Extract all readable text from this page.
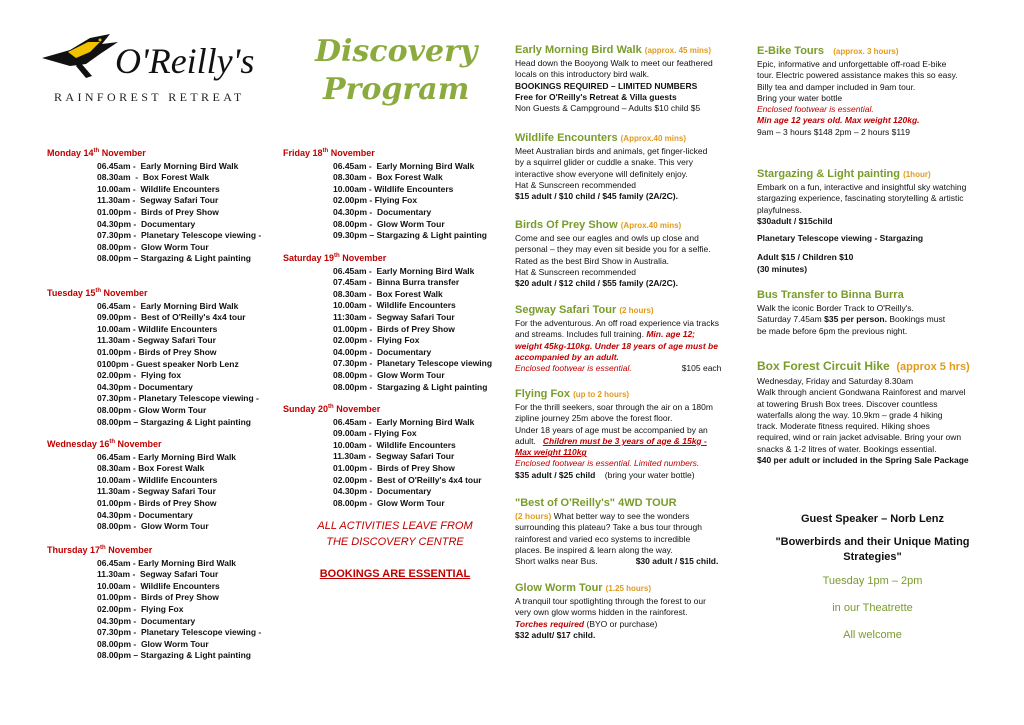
O'Reilly's
RAINFOREST RETREAT
Discovery
Program
Monday 14th November
06.45am -  Early Morning Bird Walk
08.30am  -  Box Forest Walk
10.00am -  Wildlife Encounters
11.30am -  Segway Safari Tour
01.00pm -  Birds of Prey Show
04.30pm -  Documentary
07.30pm -  Planetary Telescope viewing -
08.00pm -  Glow Worm Tour
08.00pm – Stargazing & Light painting
Tuesday 15th November
06.45am -  Early Morning Bird Walk
09.00pm -  Best of O'Reilly's 4x4 tour
10.00am - Wildlife Encounters
11.30am - Segway Safari Tour
01.00pm - Birds of Prey Show
0100pm - Guest speaker Norb Lenz
02.00pm -  Flying fox
04.30pm - Documentary
07.30pm - Planetary Telescope viewing -
08.00pm - Glow Worm Tour
08.00pm – Stargazing & Light painting
Wednesday 16th November
06.45am - Early Morning Bird Walk
08.30am - Box Forest Walk
10.00am - Wildlife Encounters
11.30am - Segway Safari Tour
01.00pm - Birds of Prey Show
04.30pm - Documentary
08.00pm -  Glow Worm Tour
Thursday 17th November
06.45am - Early Morning Bird Walk
11.30am -  Segway Safari Tour
10.00am -  Wildlife Encounters
01.00pm -  Birds of Prey Show
02.00pm -  Flying Fox
04.30pm -  Documentary
07.30pm -  Planetary Telescope viewing -
08.00pm -  Glow Worm Tour
08.00pm – Stargazing & Light painting
Friday 18th November
06.45am -  Early Morning Bird Walk
08.30am -  Box Forest Walk
10.00am - Wildlife Encounters
02.00pm - Flying Fox
04.30pm -  Documentary
08.00pm -  Glow Worm Tour
09.30pm – Stargazing & Light painting
Saturday 19th November
06.45am -  Early Morning Bird Walk
07.45am -  Binna Burra transfer
08.30am -  Box Forest Walk
10.00am -  Wildlife Encounters
11:30am -  Segway Safari Tour
01.00pm -  Birds of Prey Show
02.00pm -  Flying Fox
04.00pm -  Documentary
07.30pm -  Planetary Telescope viewing
08.00pm -  Glow Worm Tour
08.00pm -  Stargazing & Light painting
Sunday 20th November
06.45am -  Early Morning Bird Walk
09.00am - Flying Fox
10.00am -  Wildlife Encounters
11.30am -  Segway Safari Tour
01.00pm -  Birds of Prey Show
02.00pm -  Best of O'Reilly's 4x4 tour
04.30pm -  Documentary
08.00pm -  Glow Worm Tour
ALL ACTIVITIES LEAVE FROM
THE DISCOVERY CENTRE
BOOKINGS ARE ESSENTIAL
Early Morning Bird Walk (approx. 45 mins)
Head down the Booyong Walk to meet our feathered
locals on this introductory bird walk.
BOOKINGS REQUIRED – LIMITED NUMBERS
Free for O'Reilly's Retreat & Villa guests
Non Guests & Campground – Adults $10 child $5
Wildlife Encounters (Approx.40 mins)
Meet Australian birds and animals, get finger-licked
by a squirrel glider or cuddle a snake. This very
interactive show everyone will definitely enjoy.
Hat & Sunscreen recommended
$15 adult / $10 child / $45 family (2A/2C).
Birds Of Prey Show (Aprox.40 mins)
Come and see our eagles and owls up close and
personal – they may even sit beside you for a selfie.
Rated as the best Bird Show in Australia.
Hat & Sunscreen recommended
$20 adult / $12 child / $55 family (2A/2C).
Segway Safari Tour (2 hours)
For the adventurous. An off road experience via tracks
and streams. Includes full training. Min. age 12;
weight 45kg-110kg. Under 18 years of age must be
accompanied by an adult.
Enclosed footwear is essential.	$105 each
Flying Fox (up to 2 hours)
For the thrill seekers, soar through the air on a 180m
zipline journey 25m above the forest floor.
Under 18 years of age must be accompanied by an
adult. Children must be 3 years of age & 15kg -
Max weight 110kg
Enclosed footwear is essential. Limited numbers.
$35 adult / $25 child (bring your water bottle)
"Best of O'Reilly's" 4WD TOUR
(2 hours) What better way to see the wonders
surrounding this plateau? Take a bus tour through
rainforest and varied eco systems to incredible
places. Be inspired & learn along the way.
Short walks near Bus.	$30 adult / $15 child.
Glow Worm Tour (1.25 hours)
A tranquil tour spotlighting through the forest to our
very own glow worms hidden in the rainforest.
Torches required (BYO or purchase)
$32 adult/ $17 child.
E-Bike Tours (approx. 3 hours)
Epic, informative and unforgettable off-road E-bike
tour. Electric powered assistance makes this so easy.
Billy tea and damper included in 9am tour.
Bring your water bottle
Enclosed footwear is essential.
Min age 12 years old. Max weight 120kg.
9am – 3 hours $148 2pm – 2 hours $119
Stargazing & Light painting (1hour)
Embark on a fun, interactive and insightful sky watching
stargazing experience, fascinating storytelling & artistic
playfulness.
$30adult / $15child
Planetary Telescope viewing - Stargazing
Adult $15 / Children $10
(30 minutes)
Bus Transfer to Binna Burra
Walk the iconic Border Track to O'Reilly's.
Saturday 7.45am $35 per person. Bookings must
be made before 6pm the previous night.
Box Forest Circuit Hike (approx 5 hrs)
Wednesday, Friday and Saturday 8.30am
Walk through ancient Gondwana Rainforest and marvel
at towering Brush Box trees. Discover countless
waterfalls along the way. 10.9km – grade 4 hiking
track. Moderate fitness required. Hiking shoes
required, wind or rain jacket advisable. Bring your own
snacks & 1-2 litres of water. Bookings essential.
$40 per adult or included in the Spring Sale Package
Guest Speaker – Norb Lenz
"Bowerbirds and their Unique Mating
Strategies"
Tuesday 1pm – 2pm
in our Theatrette
All welcome
